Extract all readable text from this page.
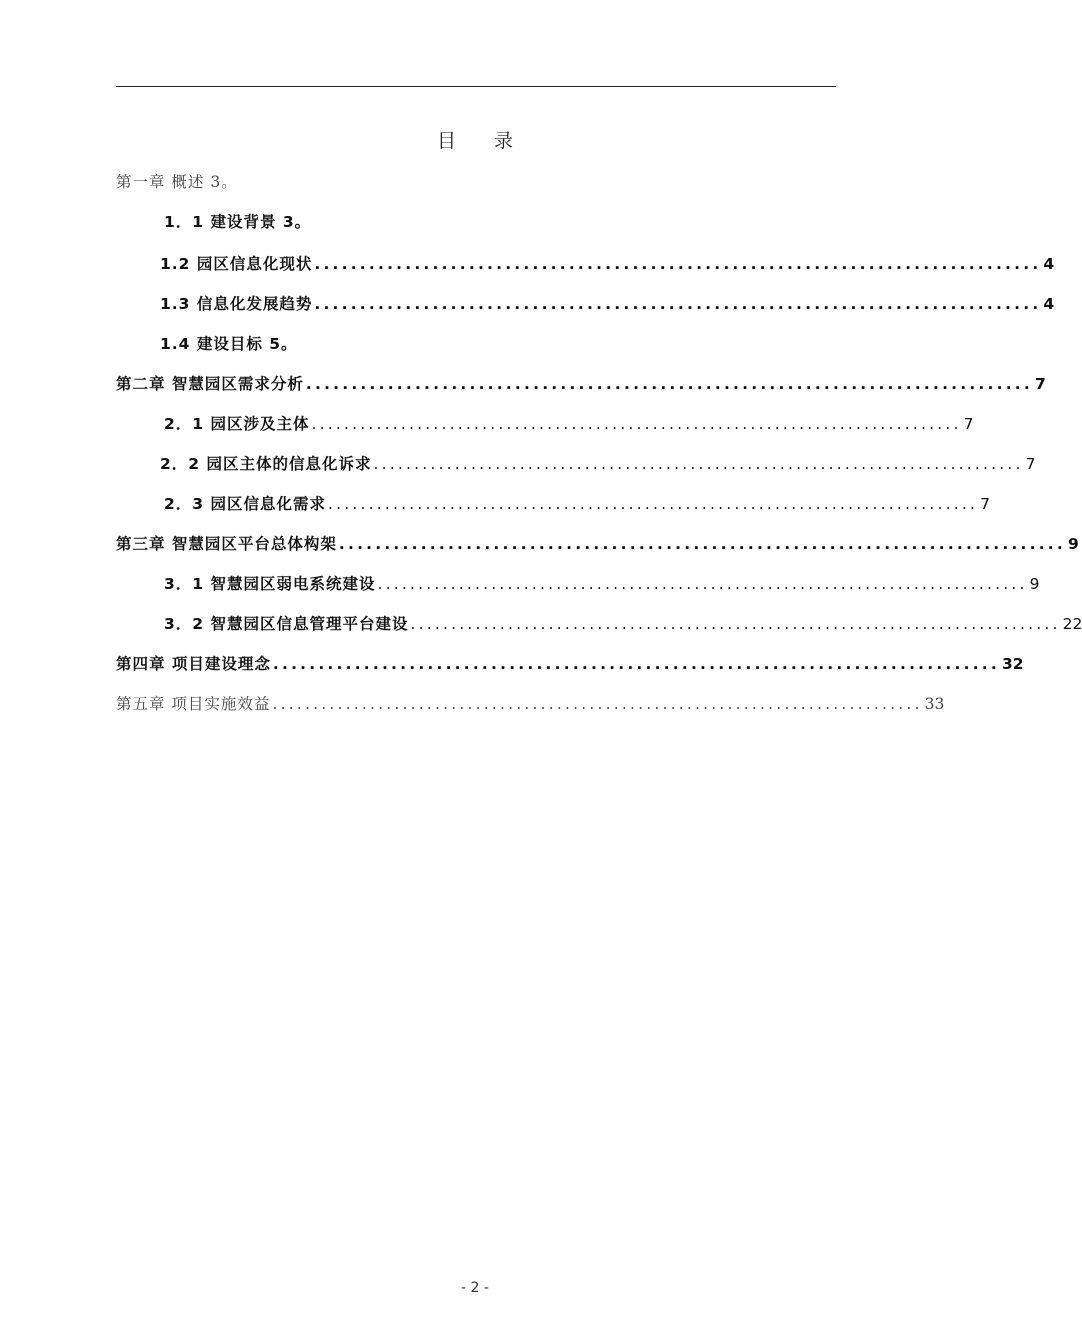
目 录
第一章 概述 3。
1．1 建设背景 3。
1.2 园区信息化现状 ................................................................................ 4
1.3 信息化发展趋势 ................................................................................ 4
1.4 建设目标 5。
第二章 智慧园区需求分析 ................................................................................ 7
2．1 园区涉及主体 ................................................................................ 7
2．2 园区主体的信息化诉求 ................................................................................ 7
2．3 园区信息化需求 ................................................................................ 7
第三章 智慧园区平台总体构架 ................................................................................ 9
3．1 智慧园区弱电系统建设 ................................................................................ 9
3．2 智慧园区信息管理平台建设 ................................................................................ 22
第四章 项目建设理念 ................................................................................ 32
第五章 项目实施效益 ................................................................................ 33
- 2 -
